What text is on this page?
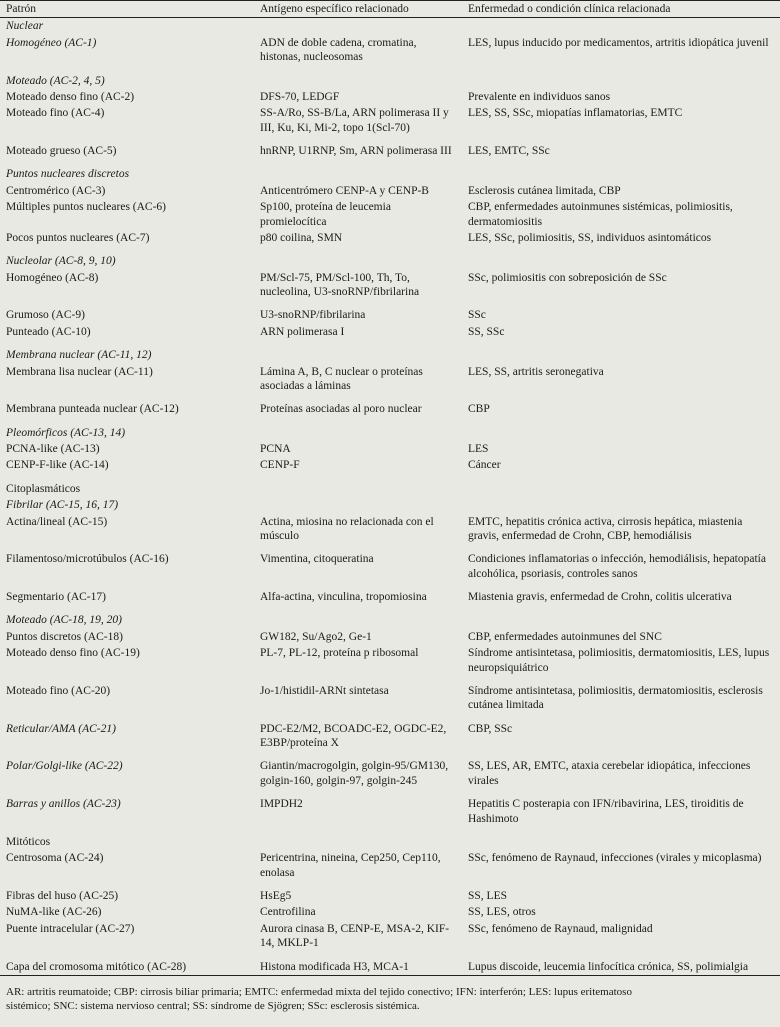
Patrón	Antígeno específico relacionado	Enfermedad o condición clínica relacionada
Nuclear		
Homogéneo (AC-1)	ADN de doble cadena, cromatina, histonas, nucleosomas	LES, lupus inducido por medicamentos, artritis idiopática juvenil

Moteado (AC-2, 4, 5)		
Moteado denso fino (AC-2)	DFS-70, LEDGF	Prevalente en individuos sanos
Moteado fino (AC-4)	SS-A/Ro, SS-B/La, ARN polimerasa II y III, Ku, Ki, Mi-2, topo 1(Scl-70)	LES, SS, SSc, miopatías inflamatorias, EMTC

Moteado grueso (AC-5)	hnRNP, U1RNP, Sm, ARN polimerasa III	LES, EMTC, SSc

Puntos nucleares discretos		
Centromérico (AC-3)	Anticentrómero CENP-A y CENP-B	Esclerosis cutánea limitada, CBP
Múltiples puntos nucleares (AC-6)	Sp100, proteína de leucemia promielocítica	CBP, enfermedades autoinmunes sistémicas, polimiositis, dermatomiositis
Pocos puntos nucleares (AC-7)	p80 coilina, SMN	LES, SSc, polimiositis, SS, individuos asintomáticos

Nucleolar (AC-8, 9, 10)		
Homogéneo (AC-8)	PM/Scl-75, PM/Scl-100, Th, To, nucleolina, U3-snoRNP/fibrilarina	SSc, polimiositis con sobreposición de SSc

Grumoso (AC-9)	U3-snoRNP/fibrilarina	SSc
Punteado (AC-10)	ARN polimerasa I	SS, SSc

Membrana nuclear (AC-11, 12)		
Membrana lisa nuclear (AC-11)	Lámina A, B, C nuclear o proteínas asociadas a láminas	LES, SS, artritis seronegativa

Membrana punteada nuclear (AC-12)	Proteínas asociadas al poro nuclear	CBP

Pleomórficos (AC-13, 14)		
PCNA-like (AC-13)	PCNA	LES
CENP-F-like (AC-14)	CENP-F	Cáncer

Citoplasmáticos		
Fibrilar (AC-15, 16, 17)		
Actina/lineal (AC-15)	Actina, miosina no relacionada con el músculo	EMTC, hepatitis crónica activa, cirrosis hepática, miastenia gravis, enfermedad de Crohn, CBP, hemodiálisis

Filamentoso/microtúbulos (AC-16)	Vimentina, citoqueratina	Condiciones inflamatorias o infección, hemodiálisis, hepatopatía alcohólica, psoriasis, controles sanos

Segmentario (AC-17)	Alfa-actina, vinculina, tropomiosina	Miastenia gravis, enfermedad de Crohn, colitis ulcerativa

Moteado (AC-18, 19, 20)		
Puntos discretos (AC-18)	GW182, Su/Ago2, Ge-1	CBP, enfermedades autoinmunes del SNC
Moteado denso fino (AC-19)	PL-7, PL-12, proteína p ribosomal	Síndrome antisintetasa, polimiositis, dermatomiositis, LES, lupus neuropsiquiátrico

Moteado fino (AC-20)	Jo-1/histidil-ARNt sintetasa	Síndrome antisintetasa, polimiositis, dermatomiositis, esclerosis cutánea limitada

Reticular/AMA (AC-21)	PDC-E2/M2, BCOADC-E2, OGDC-E2, E3BP/proteína X	CBP, SSc

Polar/Golgi-like (AC-22)	Giantin/macrogolgin, golgin-95/GM130, golgin-160, golgin-97, golgin-245	SS, LES, AR, EMTC, ataxia cerebelar idiopática, infecciones virales

Barras y anillos (AC-23)	IMPDH2	Hepatitis C posterapia con IFN/ribavirina, LES, tiroiditis de Hashimoto

Mitóticos		
Centrosoma (AC-24)	Pericentrina, nineina, Cep250, Cep110, enolasa	SSc, fenómeno de Raynaud, infecciones (virales y micoplasma)

Fibras del huso (AC-25)	HsEg5	SS, LES
NuMA-like (AC-26)	Centrofilina	SS, LES, otros
Puente intracelular (AC-27)	Aurora cinasa B, CENP-E, MSA-2, KIF-14, MKLP-1	SSc, fenómeno de Raynaud, malignidad

Capa del cromosoma mitótico (AC-28)	Histona modificada H3, MCA-1	Lupus discoide, leucemia linfocítica crónica, SS, polimialgia

AR: artritis reumatoide; CBP: cirrosis biliar primaria; EMTC: enfermedad mixta del tejido conectivo; IFN: interferón; LES: lupus eritematoso
sistémico; SNC: sistema nervioso central; SS: síndrome de Sjögren; SSc: esclerosis sistémica.
